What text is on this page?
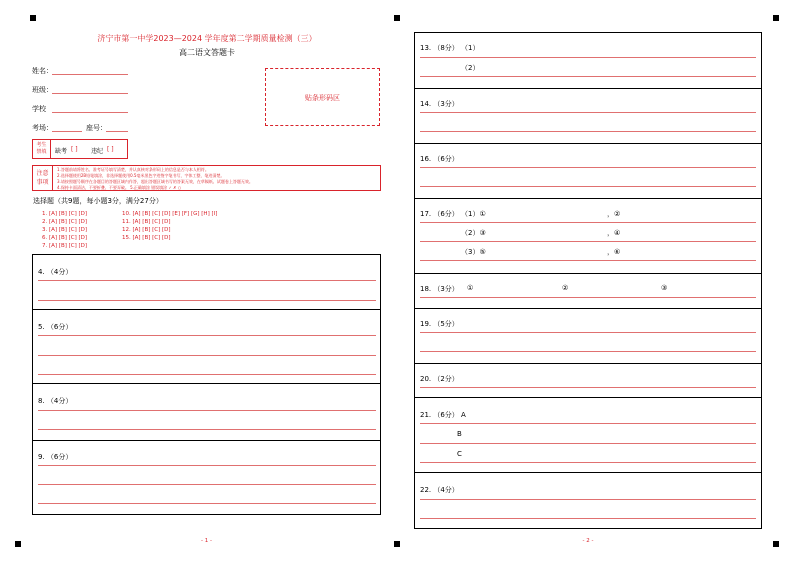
济宁市第一中学2023—2024 学年度第二学期质量检测（三）
高二语文答题卡
姓名：
班级：
学校
考场：	座号：
贴条形码区
考生
禁填	缺考 [ ] 违纪 [ ]
注意
事项
1.答题前请将姓名、准考证号填写清楚，并认真核对条形码上的信息是否与本人相符。
2.选择题使用2B铅笔填涂，非选择题使用0.5毫米黑色字迹签字笔书写，字体工整，笔迹清楚。
3.请按照题号顺序在各题目的答题区域内作答，超出答题区域书写的答案无效，在草稿纸、试题卷上答题无效。
4.保持卡面清洁，不要折叠、不要弄破。 5.正确填涂 错误填涂 ✓ ✗ ○
选择题（共9题，每小题3分，满分27分）
1. [A] [B] [C] [D]
2. [A] [B] [C] [D]
3. [A] [B] [C] [D]
6. [A] [B] [C] [D]
7. [A] [B] [C] [D]
10. [A] [B] [C] [D] [E] [F] [G] [H] [I]
11. [A] [B] [C] [D]
12. [A] [B] [C] [D]
15. [A] [B] [C] [D]
4. （4分）
5. （6分）
8. （4分）
9. （6分）
- 1 -
13. （8分） （1）
（2）
14. （3分）
16. （6分）
17. （6分） （1）①	，②
（2）③	，④
（3）⑤	，⑥
18. （3分） ①	②	③
19. （5分）
20. （2分）
21. （6分） A
B
C
22. （4分）
- 2 -
